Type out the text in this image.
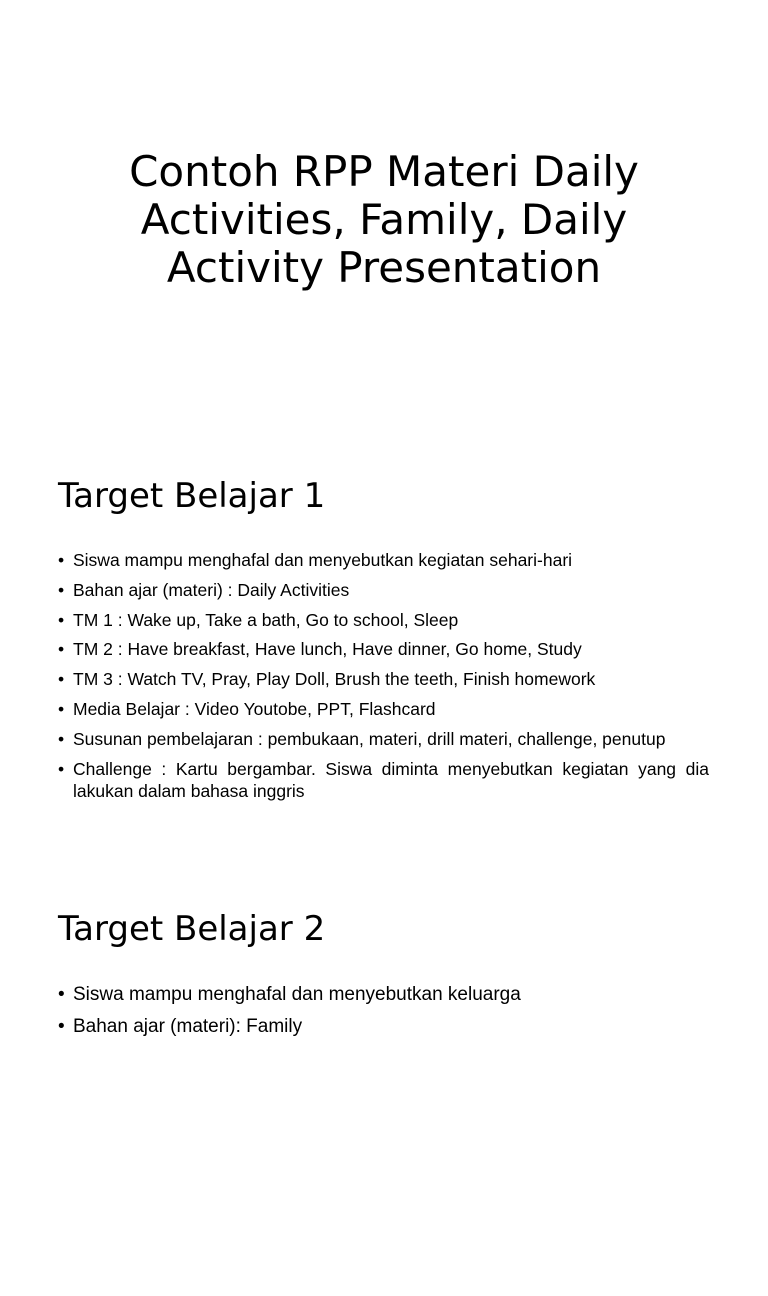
Contoh RPP Materi Daily Activities, Family, Daily Activity Presentation
Target Belajar 1
• Siswa mampu menghafal dan menyebutkan kegiatan sehari-hari
• Bahan ajar (materi) : Daily Activities
• TM 1 : Wake up, Take a bath, Go to school, Sleep
• TM 2 : Have breakfast, Have lunch, Have dinner, Go home, Study
• TM 3 : Watch TV, Pray, Play Doll, Brush the teeth, Finish homework
• Media Belajar : Video Youtobe, PPT, Flashcard
• Susunan pembelajaran : pembukaan, materi, drill materi, challenge, penutup
• Challenge : Kartu bergambar. Siswa diminta menyebutkan kegiatan yang dia lakukan dalam bahasa inggris
Target Belajar 2
• Siswa mampu menghafal dan menyebutkan keluarga
• Bahan ajar (materi): Family
